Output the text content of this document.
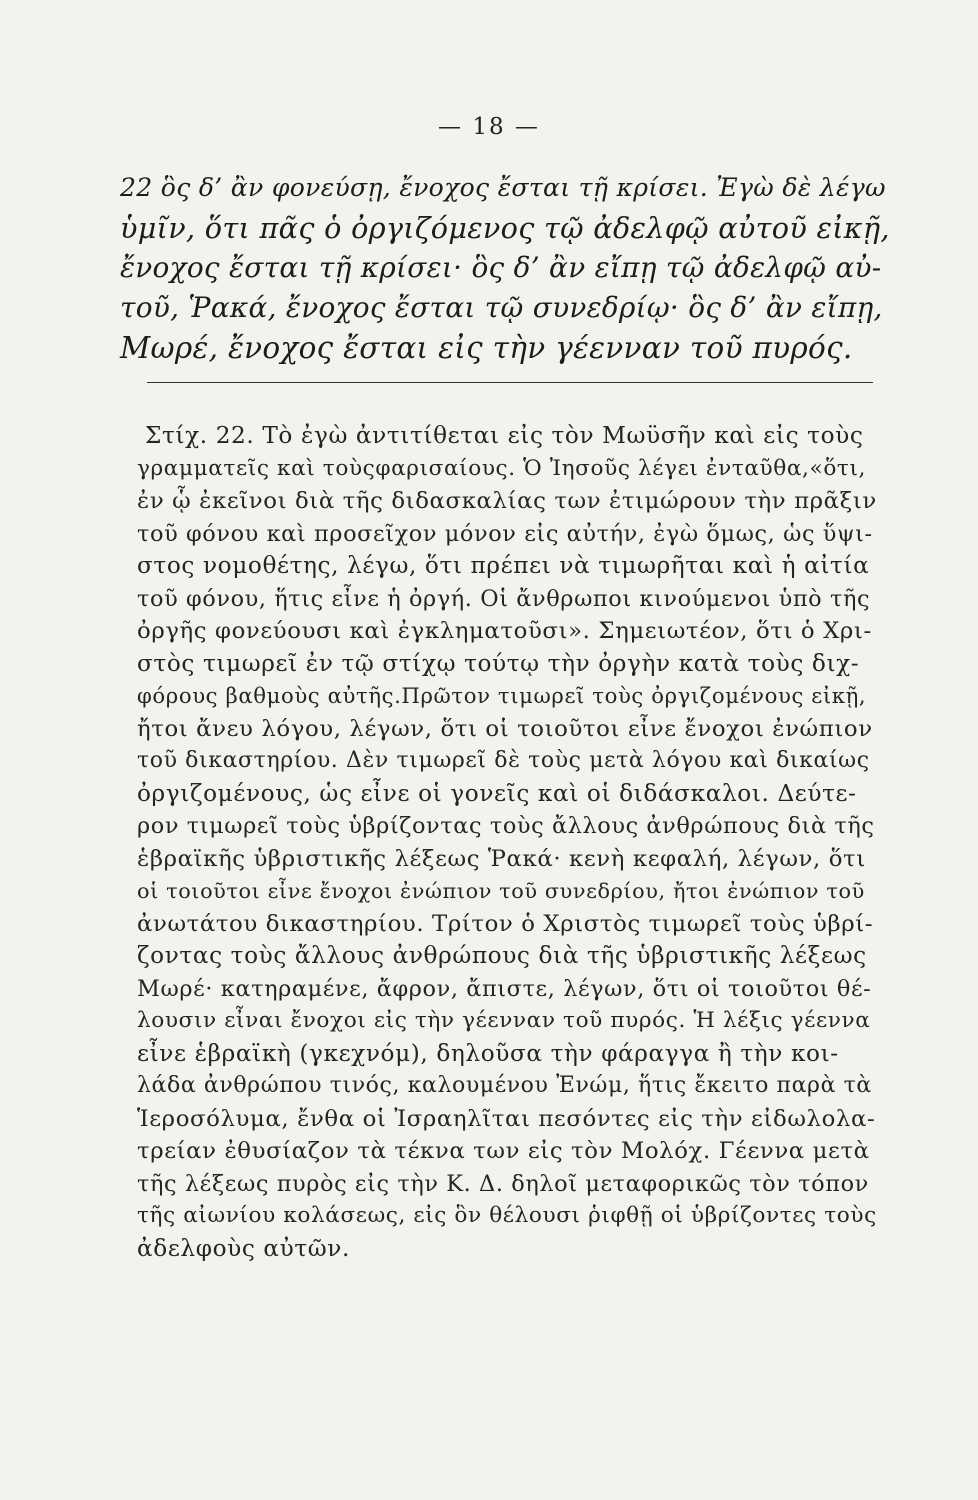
— 18 —
22 ὃς δ’ ἂν φονεύσῃ, ἔνοχος ἔσται τῇ κρίσει. Ἐγὼ δὲ λέγω
ὑμῖν, ὅτι πᾶς ὁ ὀργιζόμενος τῷ ἀδελφῷ αὐτοῦ εἰκῇ,
ἔνοχος ἔσται τῇ κρίσει· ὃς δ’ ἂν εἴπῃ τῷ ἀδελφῷ αὐ-
τοῦ, Ῥακά, ἔνοχος ἔσται τῷ συνεδρίῳ· ὃς δ’ ἂν εἴπῃ,
Μωρέ, ἔνοχος ἔσται εἰς τὴν γέενναν τοῦ πυρός.
Στίχ. 22. Τὸ ἐγὼ ἀντιτίθεται εἰς τὸν Μωϋσῆν καὶ εἰς τοὺς
γραμματεῖς καὶ τοὺςφαρισαίους. Ὁ Ἰησοῦς λέγει ἐνταῦθα,«ὅτι,
ἐν ᾧ ἐκεῖνοι διὰ τῆς διδασκαλίας των ἐτιμώρουν τὴν πρᾶξιν
τοῦ φόνου καὶ προσεῖχον μόνον εἰς αὐτήν, ἐγὼ ὅμως, ὡς ὕψι-
στος νομοθέτης, λέγω, ὅτι πρέπει νὰ τιμωρῆται καὶ ἡ αἰτία
τοῦ φόνου, ἥτις εἶνε ἡ ὀργή. Οἱ ἄνθρωποι κινούμενοι ὑπὸ τῆς
ὀργῆς φονεύουσι καὶ ἐγκληματοῦσι». Σημειωτέον, ὅτι ὁ Χρι-
στὸς τιμωρεῖ ἐν τῷ στίχῳ τούτῳ τὴν ὀργὴν κατὰ τοὺς διχ-
φόρους βαθμοὺς αὐτῆς.Πρῶτον τιμωρεῖ τοὺς ὀργιζομένους εἰκῇ,
ἤτοι ἄνευ λόγου, λέγων, ὅτι οἱ τοιοῦτοι εἶνε ἔνοχοι ἐνώπιον
τοῦ δικαστηρίου. Δὲν τιμωρεῖ δὲ τοὺς μετὰ λόγου καὶ δικαίως
ὀργιζομένους, ὡς εἶνε οἱ γονεῖς καὶ οἱ διδάσκαλοι. Δεύτε-
ρον τιμωρεῖ τοὺς ὑβρίζοντας τοὺς ἄλλους ἀνθρώπους διὰ τῆς
ἑβραϊκῆς ὑβριστικῆς λέξεως Ῥακά· κενὴ κεφαλή, λέγων, ὅτι
οἱ τοιοῦτοι εἶνε ἔνοχοι ἐνώπιον τοῦ συνεδρίου, ἤτοι ἐνώπιον τοῦ
ἀνωτάτου δικαστηρίου. Τρίτον ὁ Χριστὸς τιμωρεῖ τοὺς ὑβρί-
ζοντας τοὺς ἄλλους ἀνθρώπους διὰ τῆς ὑβριστικῆς λέξεως
Μωρέ· κατηραμένε, ἄφρον, ἄπιστε, λέγων, ὅτι οἱ τοιοῦτοι θέ-
λουσιν εἶναι ἔνοχοι εἰς τὴν γέενναν τοῦ πυρός. Ἡ λέξις γέεννα
εἶνε ἑβραϊκὴ (γκεχνόμ), δηλοῦσα τὴν φάραγγα ἢ τὴν κοι-
λάδα ἀνθρώπου τινός, καλουμένου Ἐνώμ, ἥτις ἔκειτο παρὰ τὰ
Ἱεροσόλυμα, ἔνθα οἱ Ἰσραηλῖται πεσόντες εἰς τὴν εἰδωλολα-
τρείαν ἐθυσίαζον τὰ τέκνα των εἰς τὸν Μολόχ. Γέεννα μετὰ
τῆς λέξεως πυρὸς εἰς τὴν Κ. Δ. δηλοῖ μεταφορικῶς τὸν τόπον
τῆς αἰωνίου κολάσεως, εἰς ὃν θέλουσι ῥιφθῇ οἱ ὑβρίζοντες τοὺς
ἀδελφοὺς αὐτῶν.
